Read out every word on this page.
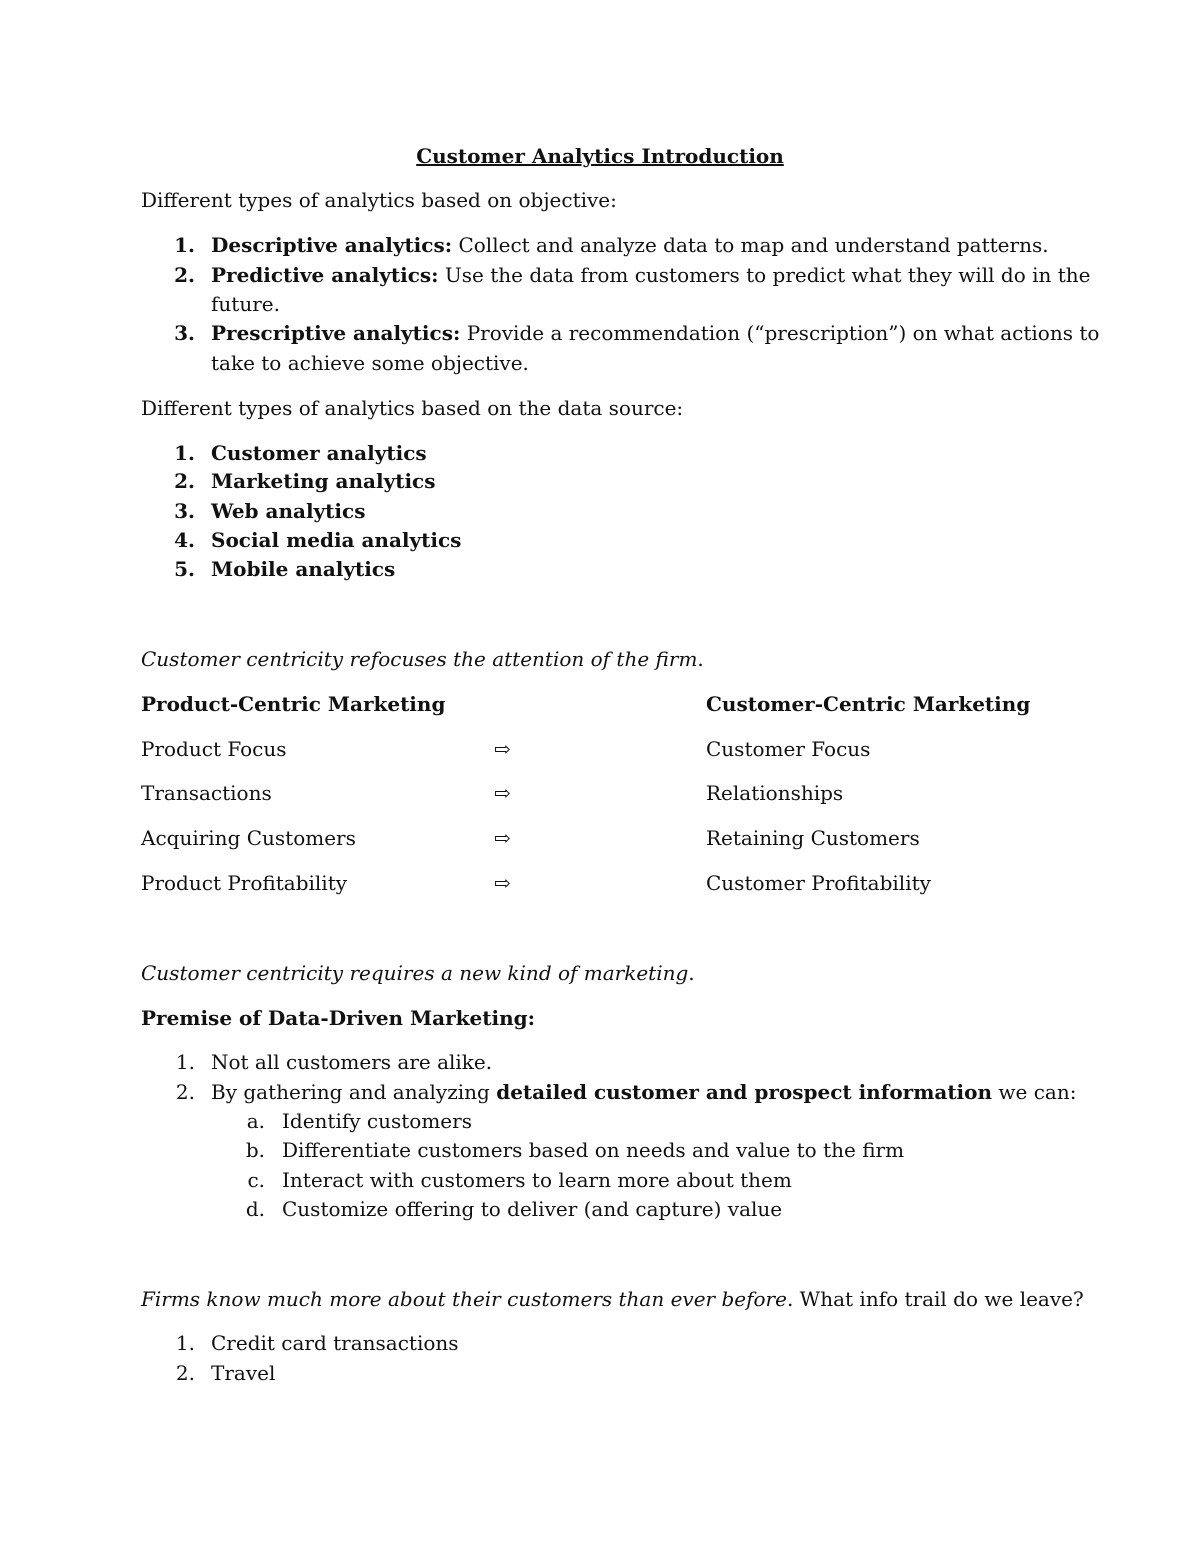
Customer Analytics Introduction
Different types of analytics based on objective:
1. Descriptive analytics: Collect and analyze data to map and understand patterns.
2. Predictive analytics: Use the data from customers to predict what they will do in the
future.
3. Prescriptive analytics: Provide a recommendation (“prescription”) on what actions to
take to achieve some objective.
Different types of analytics based on the data source:
1. Customer analytics
2. Marketing analytics
3. Web analytics
4. Social media analytics
5. Mobile analytics
Customer centricity refocuses the attention of the firm.
Product-Centric Marketing	Customer-Centric Marketing
Product Focus	⇨	Customer Focus
Transactions	⇨	Relationships
Acquiring Customers	⇨	Retaining Customers
Product Profitability	⇨	Customer Profitability
Customer centricity requires a new kind of marketing.
Premise of Data-Driven Marketing:
1. Not all customers are alike.
2. By gathering and analyzing detailed customer and prospect information we can:
a. Identify customers
b. Differentiate customers based on needs and value to the firm
c. Interact with customers to learn more about them
d. Customize offering to deliver (and capture) value
Firms know much more about their customers than ever before. What info trail do we leave?
1. Credit card transactions
2. Travel
